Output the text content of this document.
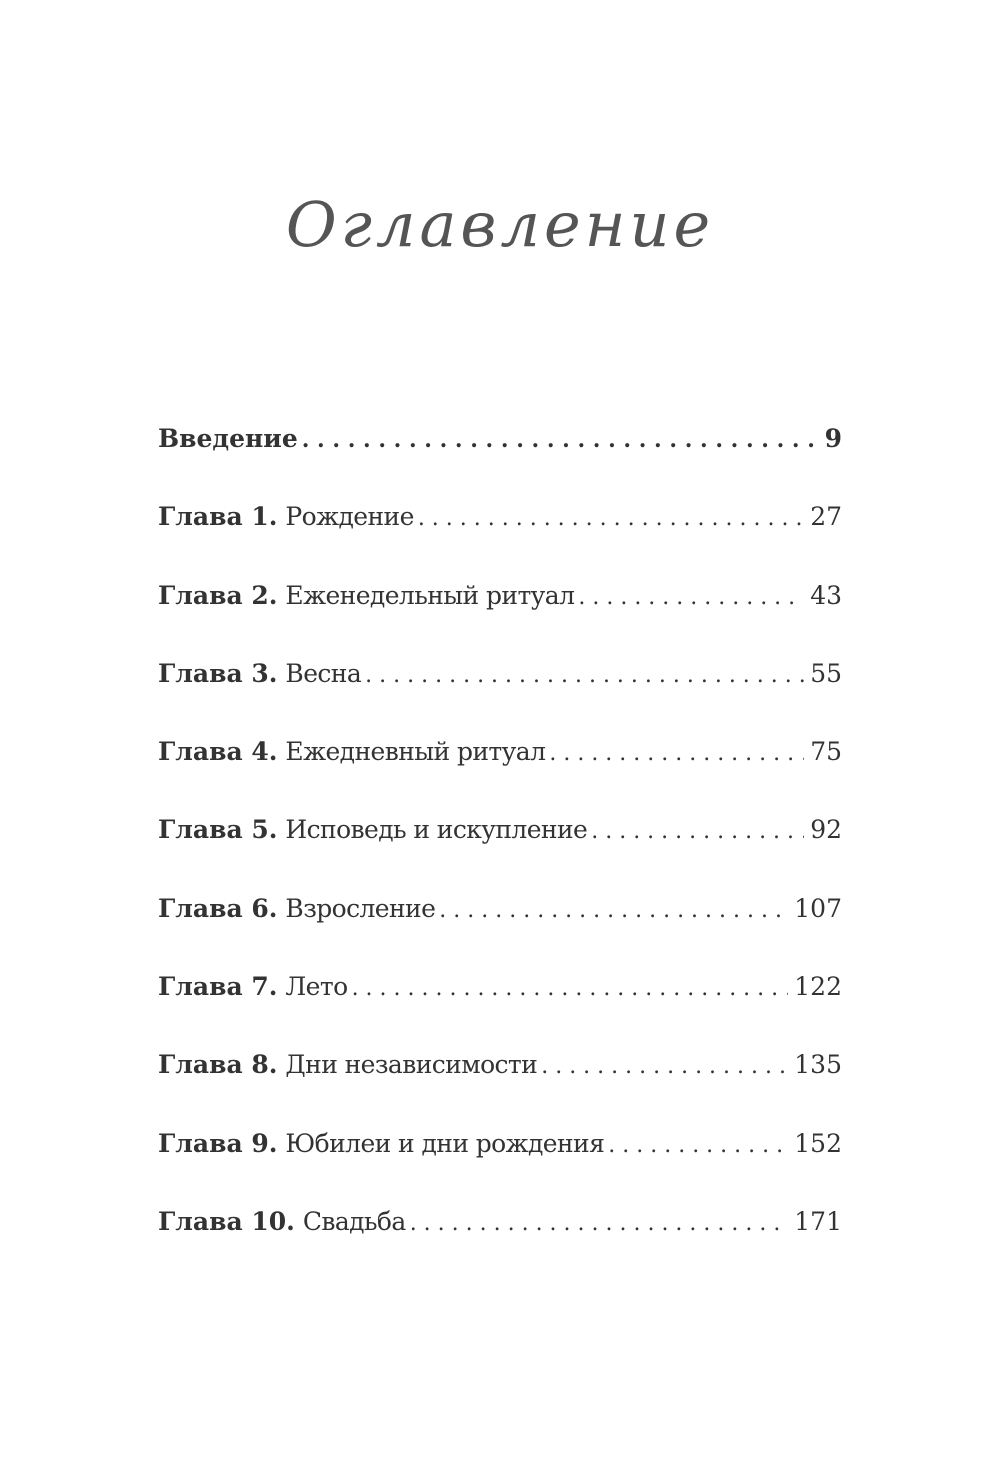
Оглавление
Введение . . .	9
Глава 1. Рождение . . .	27
Глава 2. Еженедельный ритуал . . .	43
Глава 3. Весна . . .	55
Глава 4. Ежедневный ритуал . . .	75
Глава 5. Исповедь и искупление . . .	92
Глава 6. Взросление . . .	107
Глава 7. Лето . . .	122
Глава 8. Дни независимости . . .	135
Глава 9. Юбилеи и дни рождения . . .	152
Глава 10. Свадьба . . .	171
